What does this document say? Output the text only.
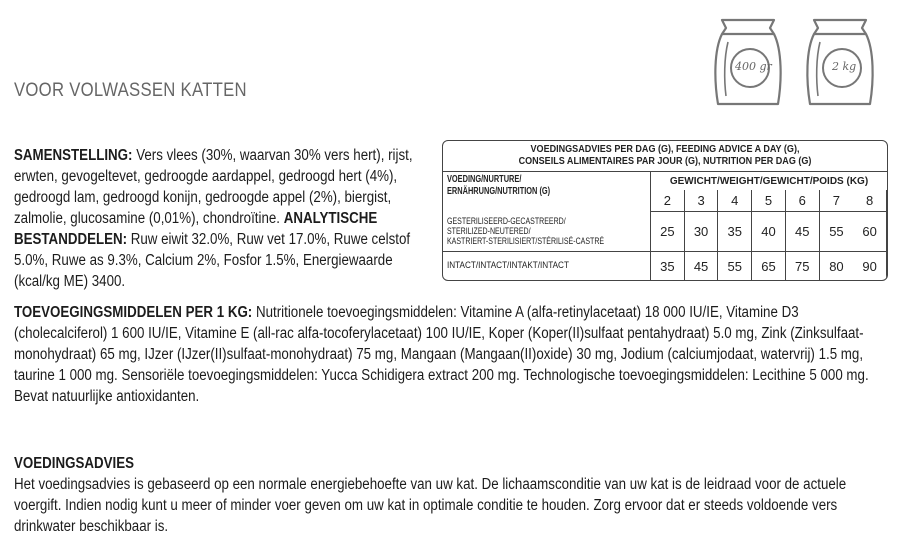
400 gr	2 kg
VOOR VOLWASSEN KATTEN
SAMENSTELLING: Vers vlees (30%, waarvan 30% vers hert), rijst, erwten, gevogeltevet, gedroogde aardappel, gedroogd hert (4%), gedroogd lam, gedroogd konijn, gedroogde appel (2%), biergist, zalmolie, glucosamine (0,01%), chondroïtine. ANALYTISCHE BESTANDDELEN: Ruw eiwit 32.0%, Ruw vet 17.0%, Ruwe celstof 5.0%, Ruwe as 9.3%, Calcium 2%, Fosfor 1.5%, Energiewaarde (kcal/kg ME) 3400.
TOEVOEGINGSMIDDELEN PER 1 KG: Nutritionele toevoegingsmiddelen: Vitamine A (alfa-retinylacetaat) 18 000 IU/IE, Vitamine D3 (cholecalciferol) 1 600 IU/IE, Vitamine E (all-rac alfa-tocoferylacetaat) 100 IU/IE, Koper (Koper(II)sulfaat pentahydraat) 5.0 mg, Zink (Zinksulfaat-monohydraat) 65 mg, IJzer (IJzer(II)sulfaat-monohydraat) 75 mg, Mangaan (Mangaan(II)oxide) 30 mg, Jodium (calciumjodaat, watervrij) 1.5 mg, taurine 1 000 mg. Sensoriële toevoegingsmiddelen: Yucca Schidigera extract 200 mg. Technologische toevoegingsmiddelen: Lecithine 5 000 mg. Bevat natuurlijke antioxidanten.
VOEDINGSADVIES
Het voedingsadvies is gebaseerd op een normale energiebehoefte van uw kat. De lichaamsconditie van uw kat is de leidraad voor de actuele voergift. Indien nodig kunt u meer of minder voer geven om uw kat in optimale conditie te houden. Zorg ervoor dat er steeds voldoende vers drinkwater beschikbaar is.
VOEDINGSADVIES PER DAG (G), FEEDING ADVICE A DAY (G),
CONSEILS ALIMENTAIRES PAR JOUR (G), NUTRITION PER DAG (G)
VOEDING/NURTURE/
ERNÄHRUNG/NUTRITION (G)
GEWICHT/WEIGHT/GEWICHT/POIDS (KG)
2	3	4	5	6	7	8
GESTERILISEERD-GECASTREERD/
STERILIZED-NEUTERED/
KASTRIERT-STERILISIERT/STÉRILISÉ-CASTRÉ
25	30	35	40	45	55	60
INTACT/INTACT/INTAKT/INTACT	35	45	55	65	75	80	90
